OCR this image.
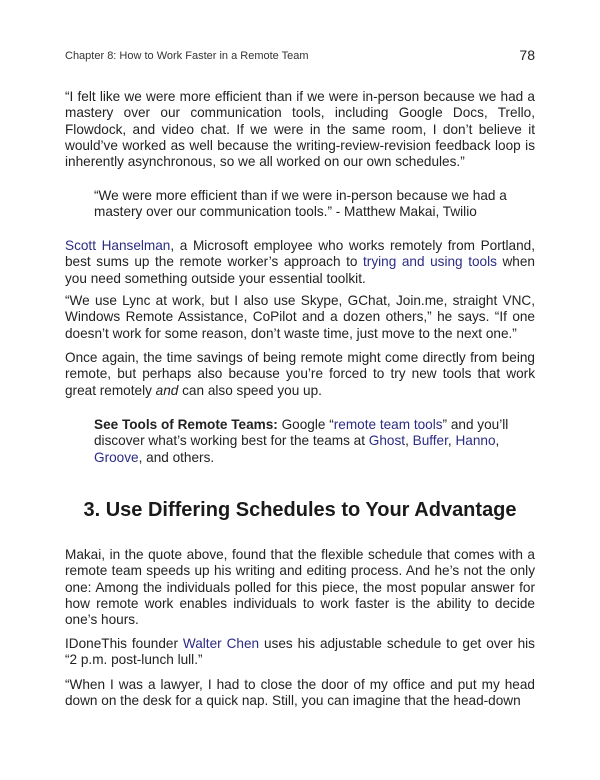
Chapter 8: How to Work Faster in a Remote Team	78
“I felt like we were more efficient than if we were in-person because we had a mastery over our communication tools, including Google Docs, Trello, Flowdock, and video chat. If we were in the same room, I don’t believe it would’ve worked as well because the writing-review-revision feedback loop is inherently asynchronous, so we all worked on our own schedules.”
“We were more efficient than if we were in-person because we had a mastery over our communication tools.” - Matthew Makai, Twilio
Scott Hanselman, a Microsoft employee who works remotely from Portland, best sums up the remote worker’s approach to trying and using tools when you need something outside your essential toolkit.
“We use Lync at work, but I also use Skype, GChat, Join.me, straight VNC, Windows Remote Assistance, CoPilot and a dozen others,” he says. “If one doesn’t work for some reason, don’t waste time, just move to the next one.”
Once again, the time savings of being remote might come directly from being remote, but perhaps also because you’re forced to try new tools that work great remotely and can also speed you up.
See Tools of Remote Teams: Google “remote team tools” and you’ll discover what’s working best for the teams at Ghost, Buffer, Hanno, Groove, and others.
3. Use Differing Schedules to Your Advantage
Makai, in the quote above, found that the flexible schedule that comes with a remote team speeds up his writing and editing process. And he’s not the only one: Among the individuals polled for this piece, the most popular answer for how remote work enables individuals to work faster is the ability to decide one’s hours.
IDoneThis founder Walter Chen uses his adjustable schedule to get over his “2 p.m. post-lunch lull.”
“When I was a lawyer, I had to close the door of my office and put my head down on the desk for a quick nap. Still, you can imagine that the head-down
